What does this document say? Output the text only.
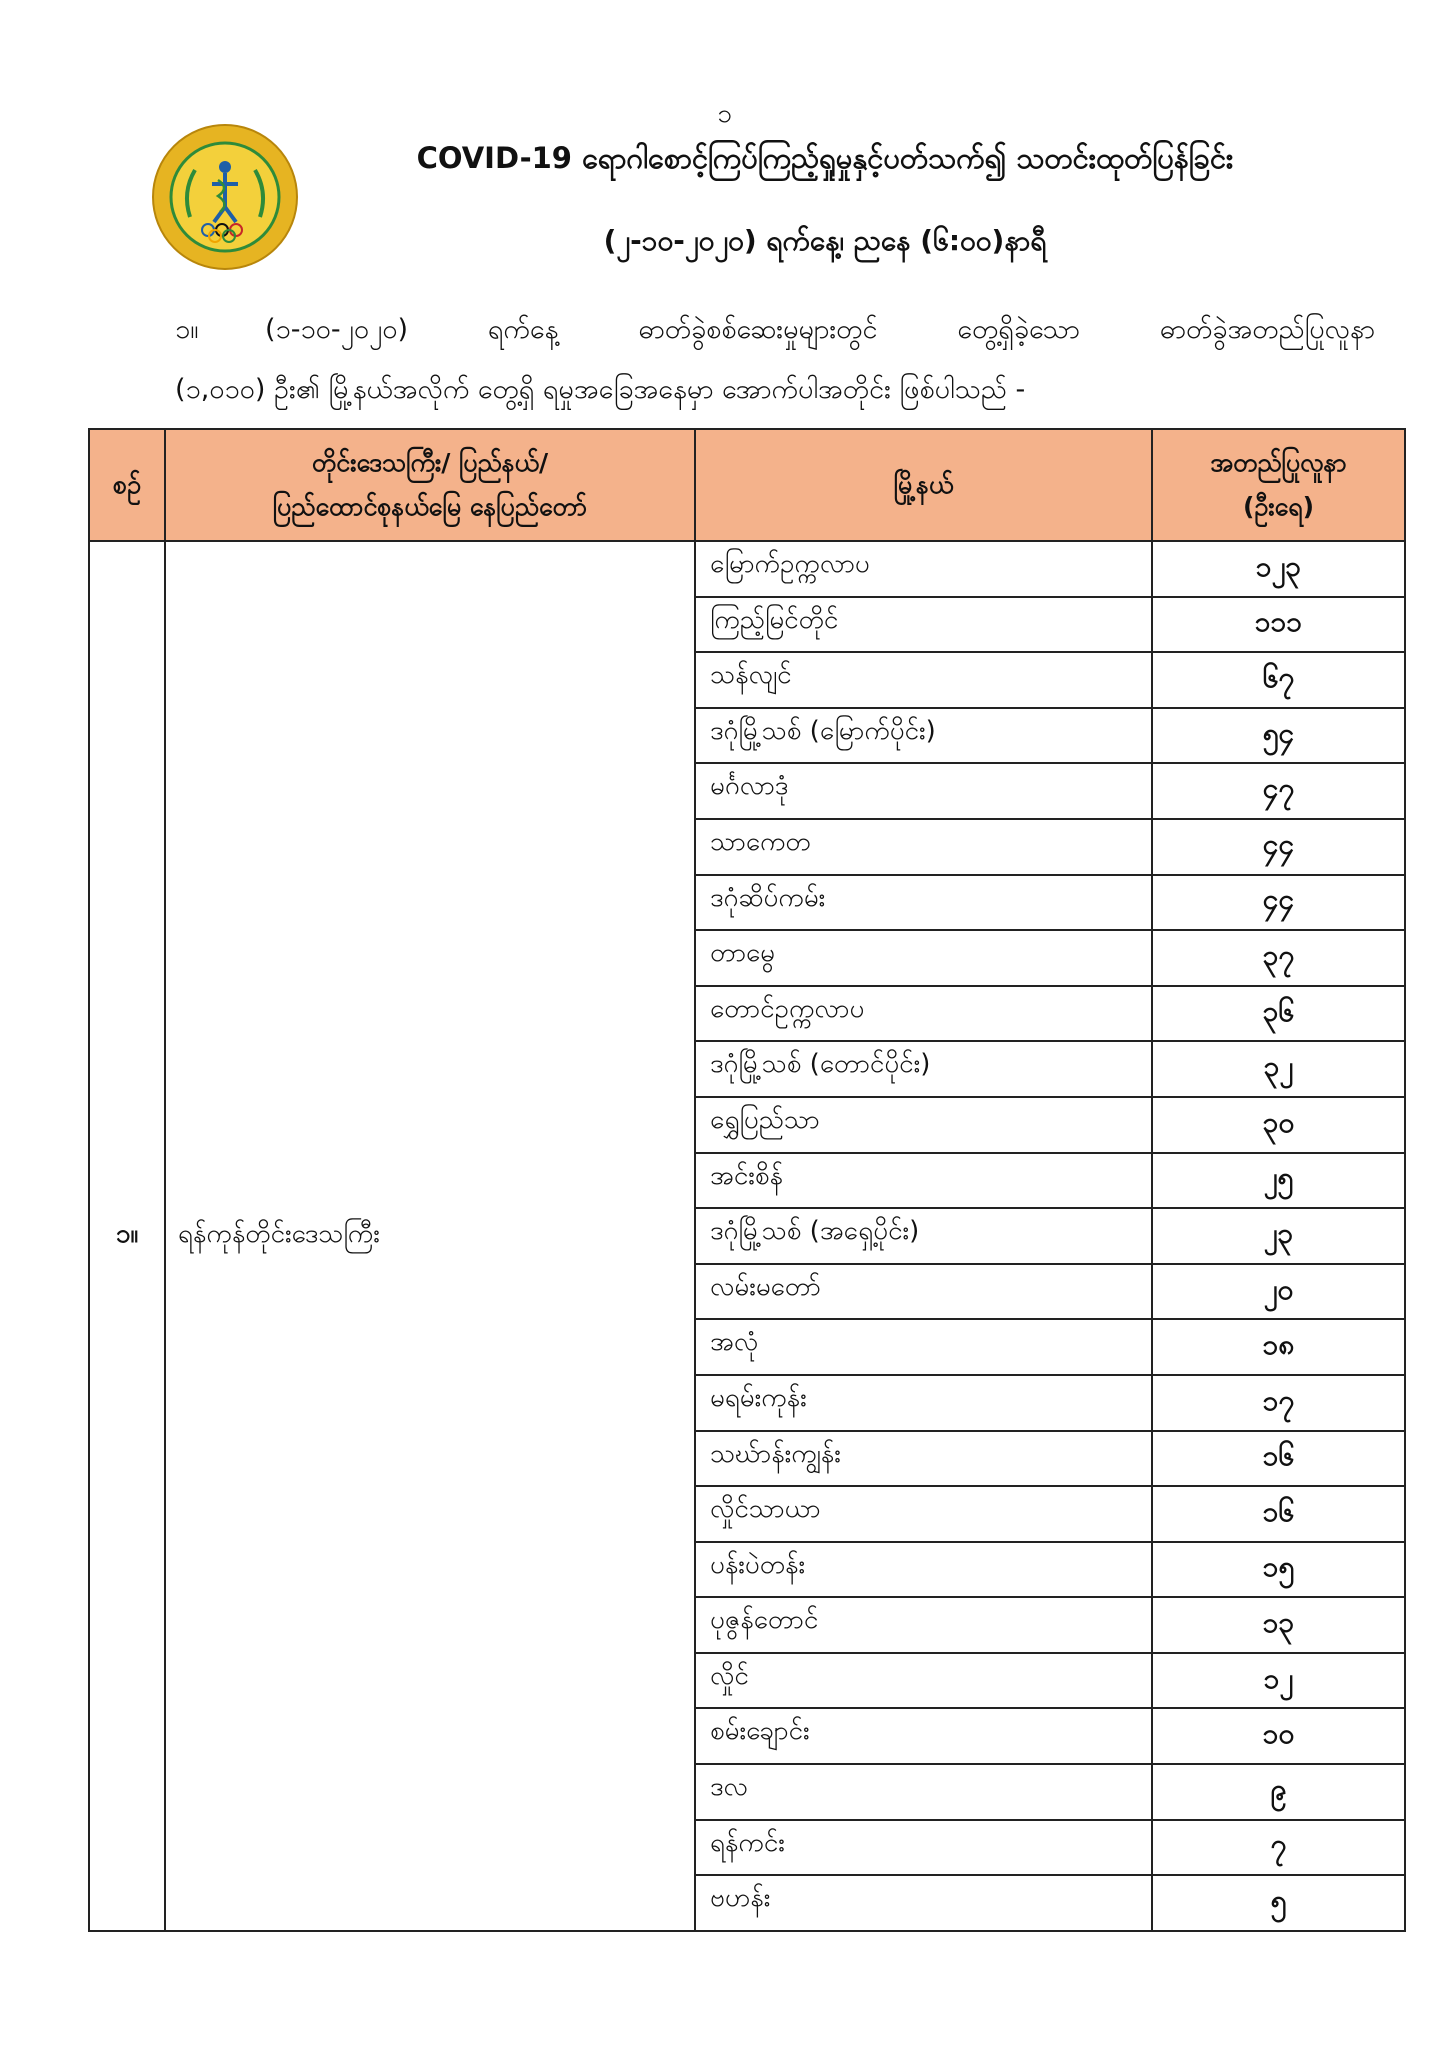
၁
COVID-19 ရောဂါစောင့်ကြပ်ကြည့်ရှုမှုနှင့်ပတ်သက်၍ သတင်းထုတ်ပြန်ခြင်း
(၂-၁၀-၂၀၂၀) ရက်နေ့၊ ညနေ (၆:၀၀)နာရီ
၁။ (၁-၁၀-၂၀၂၀) ရက်နေ့ ဓာတ်ခွဲစစ်ဆေးမှုများတွင် တွေ့ရှိခဲ့သော ဓာတ်ခွဲအတည်ပြုလူနာ
(၁,၀၁၀) ဦး၏ မြို့နယ်အလိုက် တွေ့ရှိ ရမှုအခြေအနေမှာ အောက်ပါအတိုင်း ဖြစ်ပါသည် -
စဉ်	တိုင်းဒေသကြီး/ ပြည်နယ်/
ပြည်ထောင်စုနယ်မြေ နေပြည်တော်	မြို့နယ်	အတည်ပြုလူနာ
(ဦးရေ)
၁။	ရန်ကုန်တိုင်းဒေသကြီး	မြောက်ဥက္ကလာပ	၁၂၃
		ကြည့်မြင်တိုင်	၁၁၁
		သန်လျင်	၆၇
		ဒဂုံမြို့သစ် (မြောက်ပိုင်း)	၅၄
		မင်္ဂလာဒုံ	၄၇
		သာကေတ	၄၄
		ဒဂုံဆိပ်ကမ်း	၄၄
		တာမွေ	၃၇
		တောင်ဥက္ကလာပ	၃၆
		ဒဂုံမြို့သစ် (တောင်ပိုင်း)	၃၂
		ရွှေပြည်သာ	၃၀
		အင်းစိန်	၂၅
		ဒဂုံမြို့သစ် (အရှေ့ပိုင်း)	၂၃
		လမ်းမတော်	၂၀
		အလုံ	၁၈
		မရမ်းကုန်း	၁၇
		သဃ်ာန်းကျွန်း	၁၆
		လှိုင်သာယာ	၁၆
		ပန်းပဲတန်း	၁၅
		ပုဇွန်တောင်	၁၃
		လှိုင်	၁၂
		စမ်းချောင်း	၁၀
		ဒလ	၉
		ရန်ကင်း	၇
		ဗဟန်း	၅
